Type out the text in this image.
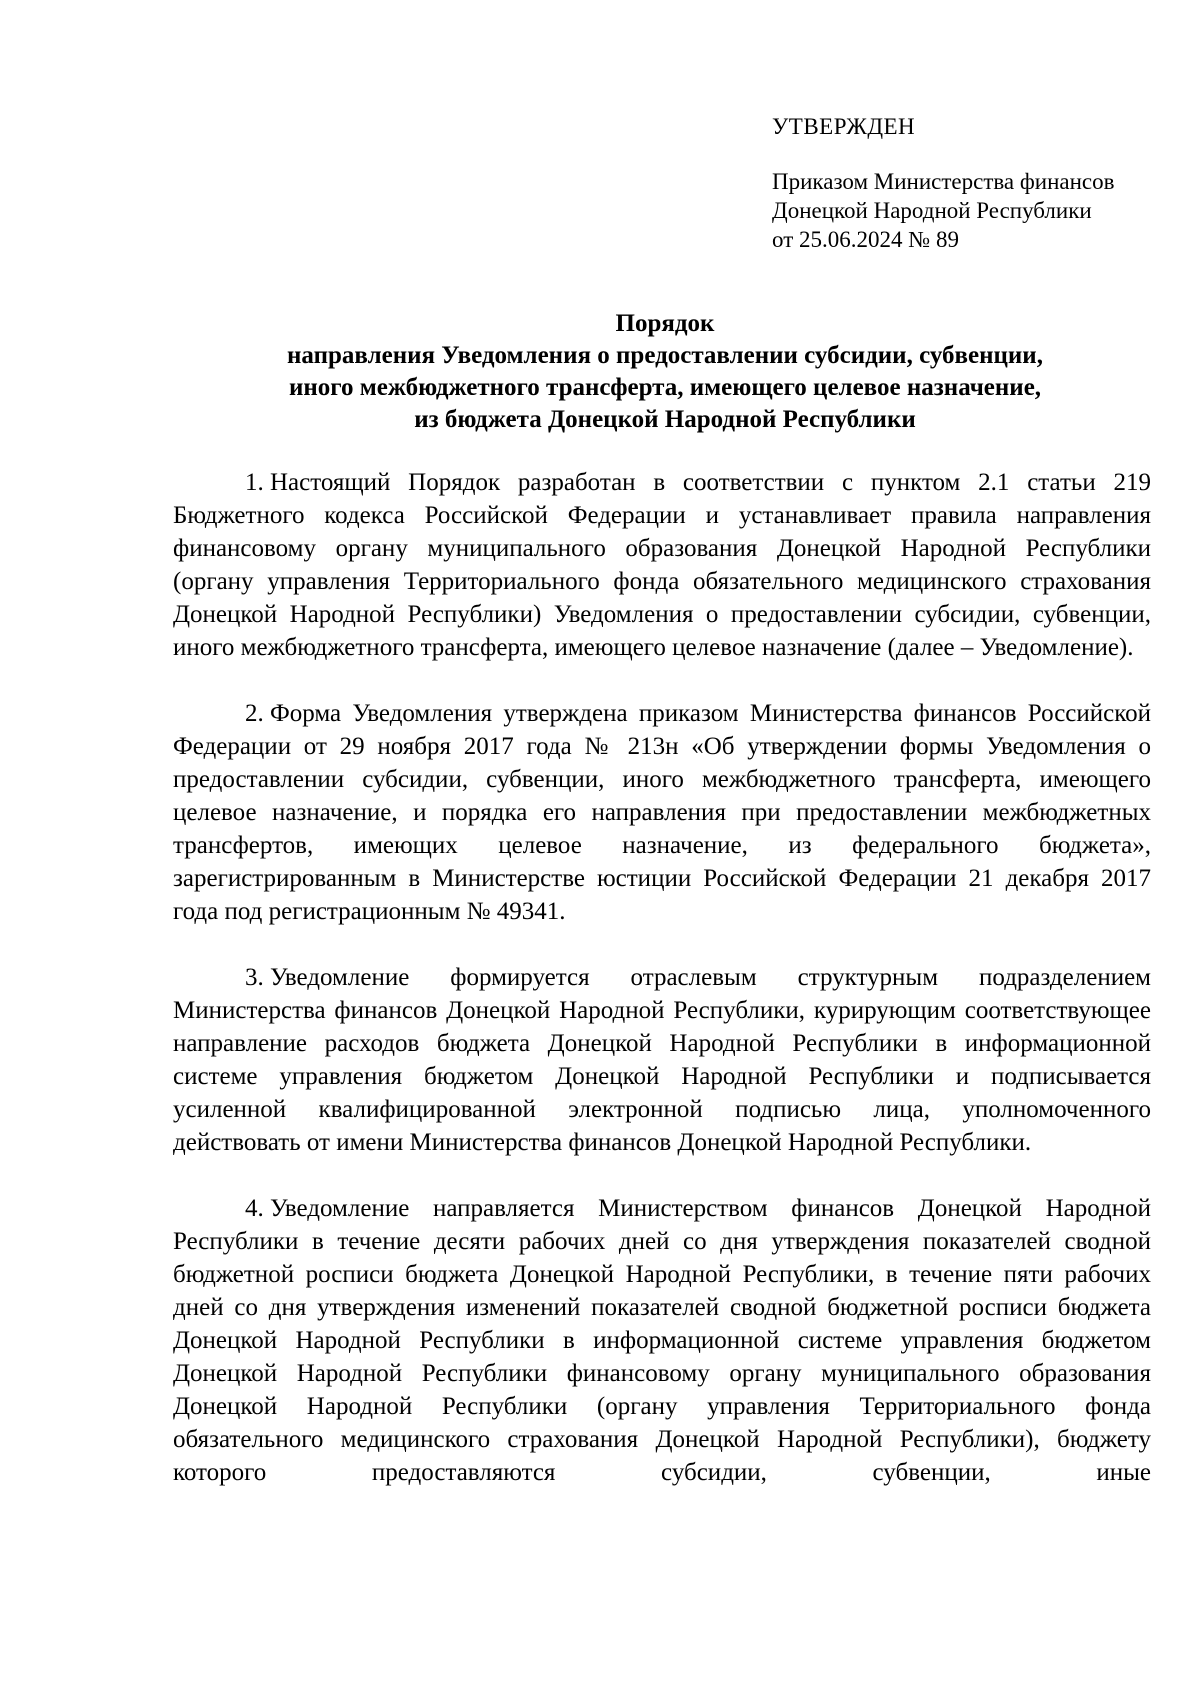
УТВЕРЖДЕН
Приказом Министерства финансов
Донецкой Народной Республики
от 25.06.2024 № 89
Порядок
направления Уведомления о предоставлении субсидии, субвенции,
иного межбюджетного трансферта, имеющего целевое назначение,
из бюджета Донецкой Народной Республики

1. Настоящий Порядок разработан в соответствии с пунктом 2.1 статьи 219 Бюджетного кодекса Российской Федерации и устанавливает правила направления финансовому органу муниципального образования Донецкой Народной Республики (органу управления Территориального фонда обязательного медицинского страхования Донецкой Народной Республики) Уведомления о предоставлении субсидии, субвенции, иного межбюджетного трансферта, имеющего целевое назначение (далее – Уведомление).

2. Форма Уведомления утверждена приказом Министерства финансов Российской Федерации от 29 ноября 2017 года № 213н «Об утверждении формы Уведомления о предоставлении субсидии, субвенции, иного межбюджетного трансферта, имеющего целевое назначение, и порядка его направления при предоставлении межбюджетных трансфертов, имеющих целевое назначение, из федерального бюджета», зарегистрированным в Министерстве юстиции Российской Федерации 21 декабря 2017 года под регистрационным № 49341.

3. Уведомление формируется отраслевым структурным подразделением Министерства финансов Донецкой Народной Республики, курирующим соответствующее направление расходов бюджета Донецкой Народной Республики в информационной системе управления бюджетом Донецкой Народной Республики и подписывается усиленной квалифицированной электронной подписью лица, уполномоченного действовать от имени Министерства финансов Донецкой Народной Республики.

4. Уведомление направляется Министерством финансов Донецкой Народной Республики в течение десяти рабочих дней со дня утверждения показателей сводной бюджетной росписи бюджета Донецкой Народной Республики, в течение пяти рабочих дней со дня утверждения изменений показателей сводной бюджетной росписи бюджета Донецкой Народной Республики в информационной системе управления бюджетом Донецкой Народной Республики финансовому органу муниципального образования Донецкой Народной Республики (органу управления Территориального фонда обязательного медицинского страхования Донецкой Народной Республики), бюджету которого предоставляются субсидии, субвенции, иные
